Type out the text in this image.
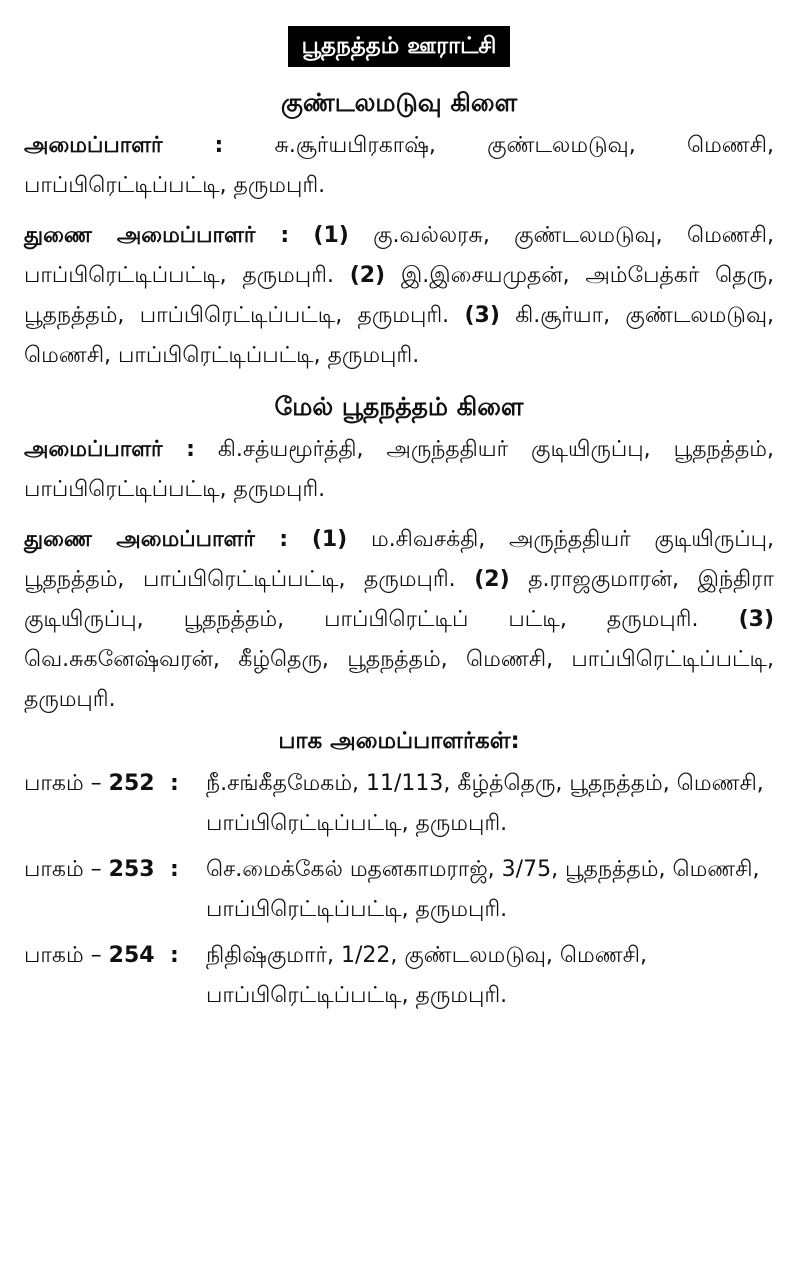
பூதநத்தம் ஊராட்சி
குண்டலமடுவு கிளை

அமைப்பாளர் : சு.சூர்யபிரகாஷ், குண்டலமடுவு, மெணசி, பாப்பிரெட்டிப்பட்டி, தருமபுரி.

துணை அமைப்பாளர் : (1) கு.வல்லரசு, குண்டலமடுவு, மெணசி, பாப்பிரெட்டிப்பட்டி, தருமபுரி. (2) இ.இசையமுதன், அம்பேத்கர் தெரு, பூதநத்தம், பாப்பிரெட்டிப்பட்டி, தருமபுரி. (3) கி.சூர்யா, குண்டலமடுவு, மெணசி, பாப்பிரெட்டிப்பட்டி, தருமபுரி.

மேல் பூதநத்தம் கிளை

அமைப்பாளர் : கி.சத்யமூர்த்தி, அருந்ததியர் குடியிருப்பு, பூதநத்தம், பாப்பிரெட்டிப்பட்டி, தருமபுரி.

துணை அமைப்பாளர் : (1) ம.சிவசக்தி, அருந்ததியர் குடியிருப்பு, பூதநத்தம், பாப்பிரெட்டிப்பட்டி, தருமபுரி. (2) த.ராஜகுமாரன், இந்திரா குடியிருப்பு, பூதநத்தம், பாப்பிரெட்டிப் பட்டி, தருமபுரி. (3) வெ.சுகனேஷ்வரன், கீழ்தெரு, பூதநத்தம், மெணசி, பாப்பிரெட்டிப்பட்டி, தருமபுரி.

பாக அமைப்பாளர்கள்:
பாகம் – 252 :	நீ.சங்கீதமேகம், 11/113, கீழ்த்தெரு, பூதநத்தம், மெணசி, பாப்பிரெட்டிப்பட்டி, தருமபுரி.
பாகம் – 253 :	செ.மைக்கேல் மதனகாமராஜ், 3/75, பூதநத்தம், மெணசி, பாப்பிரெட்டிப்பட்டி, தருமபுரி.
பாகம் – 254 :	நிதிஷ்குமார், 1/22, குண்டலமடுவு, மெணசி, பாப்பிரெட்டிப்பட்டி, தருமபுரி.
